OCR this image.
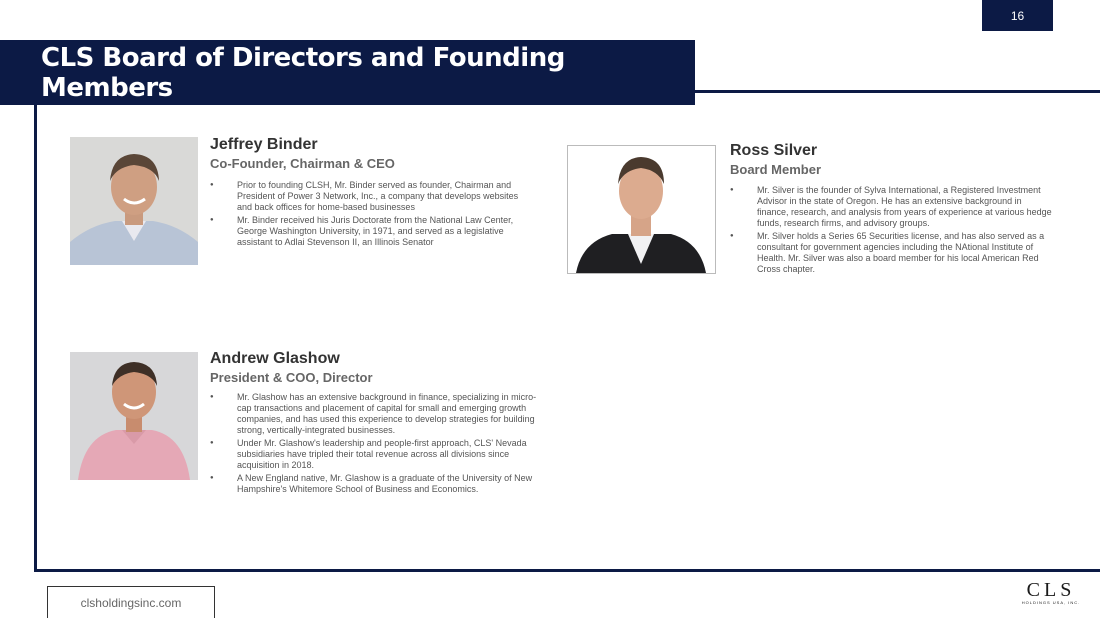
16
CLS Board of Directors and Founding Members
Jeffrey Binder
Co-Founder, Chairman & CEO
● Prior to founding CLSH, Mr. Binder served as founder, Chairman and President of Power 3 Network, Inc., a company that develops websites and back offices for home-based businesses
● Mr. Binder received his Juris Doctorate from the National Law Center, George Washington University, in 1971, and served as a legislative assistant to Adlai Stevenson II, an Illinois Senator
Ross Silver
Board Member
● Mr. Silver is the founder of Sylva International, a Registered Investment Advisor in the state of Oregon. He has an extensive background in finance, research, and analysis from years of experience at various hedge funds, research firms, and advisory groups.
● Mr. Silver holds a Series 65 Securities license, and has also served as a consultant for government agencies including the NAtional Institute of Health. Mr. Silver was also a board member for his local American Red Cross chapter.
Andrew Glashow
President & COO, Director
● Mr. Glashow has an extensive background in finance, specializing in micro-cap transactions and placement of capital for small and emerging growth companies, and has used this experience to develop strategies for building strong, vertically-integrated businesses.
● Under Mr. Glashow's leadership and people-first approach, CLS' Nevada subsidiaries have tripled their total revenue across all divisions since acquisition in 2018.
● A New England native, Mr. Glashow is a graduate of the University of New Hampshire's Whitemore School of Business and Economics.
clsholdingsinc.com
CLS
HOLDINGS USA, INC.
